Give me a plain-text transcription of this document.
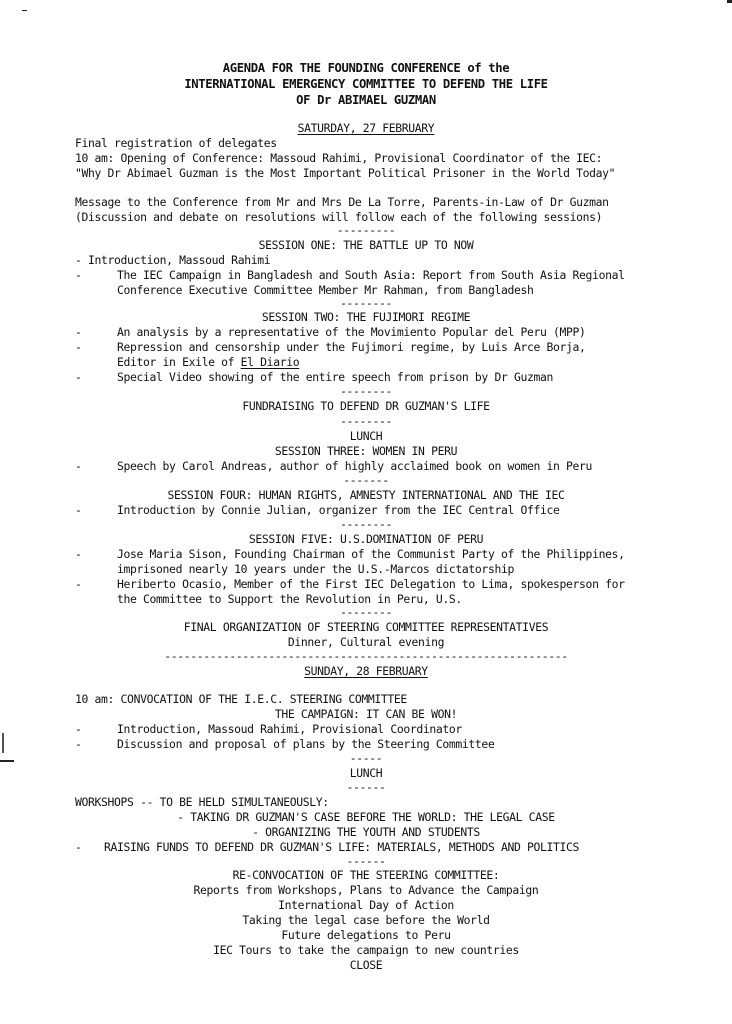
AGENDA FOR THE FOUNDING CONFERENCE of the
INTERNATIONAL EMERGENCY COMMITTEE TO DEFEND THE LIFE
OF Dr ABIMAEL GUZMAN
SATURDAY, 27 FEBRUARY
Final registration of delegates
10 am: Opening of Conference: Massoud Rahimi, Provisional Coordinator of the IEC:
"Why Dr Abimael Guzman is the Most Important Political Prisoner in the World Today"
Message to the Conference from Mr and Mrs De La Torre, Parents-in-Law of Dr Guzman
(Discussion and debate on resolutions will follow each of the following sessions)
---------
SESSION ONE: THE BATTLE UP TO NOW
- Introduction, Massoud Rahimi
-	The IEC Campaign in Bangladesh and South Asia: Report from South Asia Regional
Conference Executive Committee Member Mr Rahman, from Bangladesh
--------
SESSION TWO: THE FUJIMORI REGIME
-	An analysis by a representative of the Movimiento Popular del Peru (MPP)
-	Repression and censorship under the Fujimori regime, by Luis Arce Borja,
Editor in Exile of El Diario
-	Special Video showing of the entire speech from prison by Dr Guzman
--------
FUNDRAISING TO DEFEND DR GUZMAN'S LIFE
--------
LUNCH
SESSION THREE: WOMEN IN PERU
-	Speech by Carol Andreas, author of highly acclaimed book on women in Peru
-------
SESSION FOUR: HUMAN RIGHTS, AMNESTY INTERNATIONAL AND THE IEC
-	Introduction by Connie Julian, organizer from the IEC Central Office
--------
SESSION FIVE: U.S.DOMINATION OF PERU
-	Jose Maria Sison, Founding Chairman of the Communist Party of the Philippines,
imprisoned nearly 10 years under the U.S.-Marcos dictatorship
-	Heriberto Ocasio, Member of the First IEC Delegation to Lima, spokesperson for
the Committee to Support the Revolution in Peru, U.S.
--------
FINAL ORGANIZATION OF STEERING COMMITTEE REPRESENTATIVES
Dinner, Cultural evening
--------------------------------------------------------------
SUNDAY, 28 FEBRUARY
10 am: CONVOCATION OF THE I.E.C. STEERING COMMITTEE
THE CAMPAIGN: IT CAN BE WON!
-	Introduction, Massoud Rahimi, Provisional Coordinator
-	Discussion and proposal of plans by the Steering Committee
-----
LUNCH
------
WORKSHOPS -- TO BE HELD SIMULTANEOUSLY:
- TAKING DR GUZMAN'S CASE BEFORE THE WORLD: THE LEGAL CASE
- ORGANIZING THE YOUTH AND STUDENTS
- RAISING FUNDS TO DEFEND DR GUZMAN'S LIFE: MATERIALS, METHODS AND POLITICS
------
RE-CONVOCATION OF THE STEERING COMMITTEE:
Reports from Workshops, Plans to Advance the Campaign
International Day of Action
Taking the legal case before the World
Future delegations to Peru
IEC Tours to take the campaign to new countries
CLOSE
